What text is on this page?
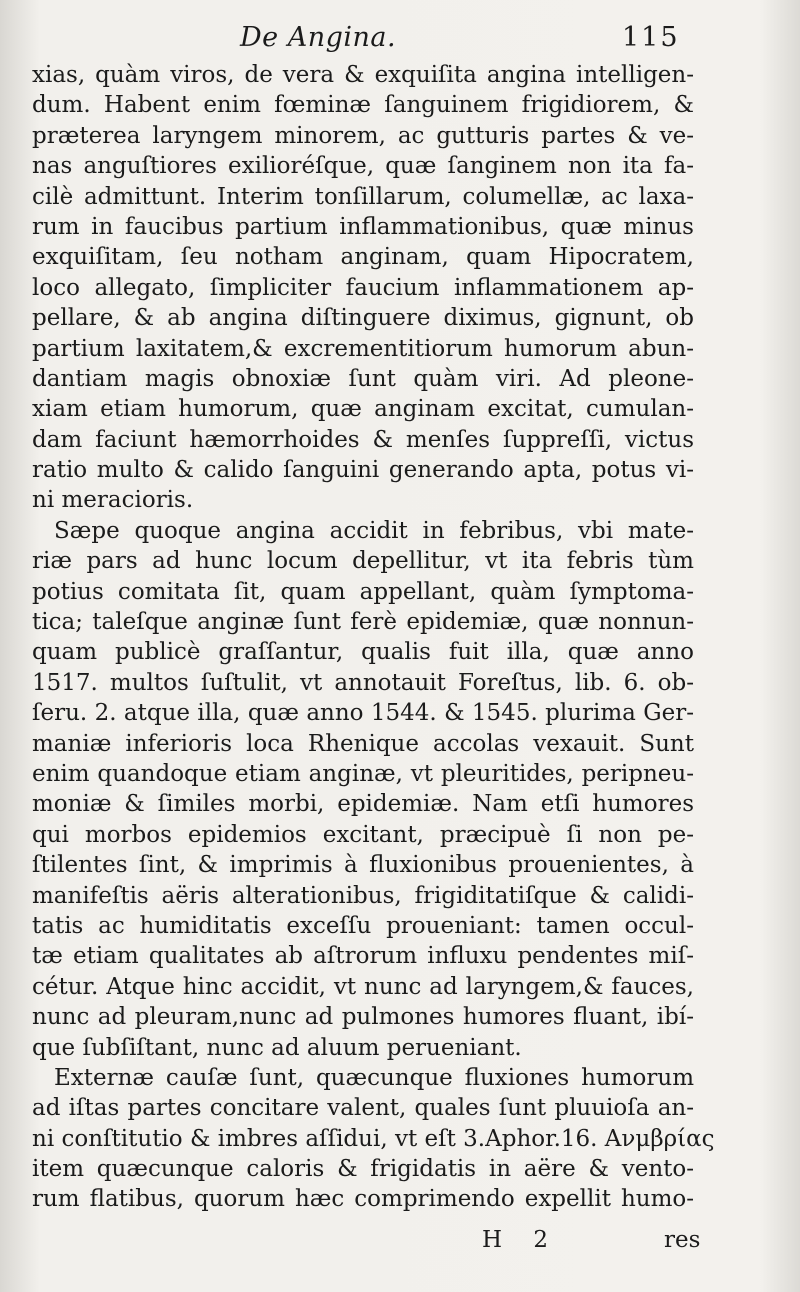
De Angina.	115
xias, quàm viros, de vera & exquiſita angina intelligen-
dum. Habent enim fœminæ ſanguinem frigidiorem, &
præterea laryngem minorem, ac gutturis partes & ve-
nas anguſtiores exilioréſque, quæ ſanginem non ita fa-
cilè admittunt. Interim tonſillarum, columellæ, ac laxa-
rum in faucibus partium inflammationibus, quæ minus
exquiſitam, ſeu notham anginam, quam Hipocratem,
loco allegato, ſimpliciter faucium inflammationem ap-
pellare, & ab angina diſtinguere diximus, gignunt, ob
partium laxitatem,& excrementitiorum humorum abun-
dantiam magis obnoxiæ ſunt quàm viri. Ad pleone-
xiam etiam humorum, quæ anginam excitat, cumulan-
dam faciunt hæmorrhoides & menſes ſuppreſſi, victus
ratio multo & calido ſanguini generando apta, potus vi-
ni meracioris.
Sæpe quoque angina accidit in febribus, vbi mate-
riæ pars ad hunc locum depellitur, vt ita febris tùm
potius comitata ſit, quam appellant, quàm ſymptoma-
tica; taleſque anginæ ſunt ferè epidemiæ, quæ nonnun-
quam publicè graſſantur, qualis fuit illa, quæ anno
1517. multos ſuſtulit, vt annotauit Foreſtus, lib. 6. ob-
ſeru. 2. atque illa, quæ anno 1544. & 1545. plurima Ger-
maniæ inferioris loca Rhenique accolas vexauit. Sunt
enim quandoque etiam anginæ, vt pleuritides, peripneu-
moniæ & ſimiles morbi, epidemiæ. Nam etſi humores
qui morbos epidemios excitant, præcipuè ſi non pe-
ſtilentes ſint, & imprimis à fluxionibus prouenientes, à
manifeſtis aëris alterationibus, frigiditatiſque & calidi-
tatis ac humiditatis exceſſu proueniant: tamen occul-
tæ etiam qualitates ab aſtrorum influxu pendentes miſ-
cétur. Atque hinc accidit, vt nunc ad laryngem,& fauces,
nunc ad pleuram,nunc ad pulmones humores fluant, ibí-
que ſubſiſtant, nunc ad aluum perueniant.
Externæ cauſæ ſunt, quæcunque fluxiones humorum
ad iſtas partes concitare valent, quales ſunt pluuioſa an-
ni conſtitutio & imbres aſſidui, vt eſt 3.Aphor.16. Aνμβρίας
item quæcunque caloris & frigidatis in aëre & vento-
rum flatibus, quorum hæc comprimendo expellit humo-
H 2	res
